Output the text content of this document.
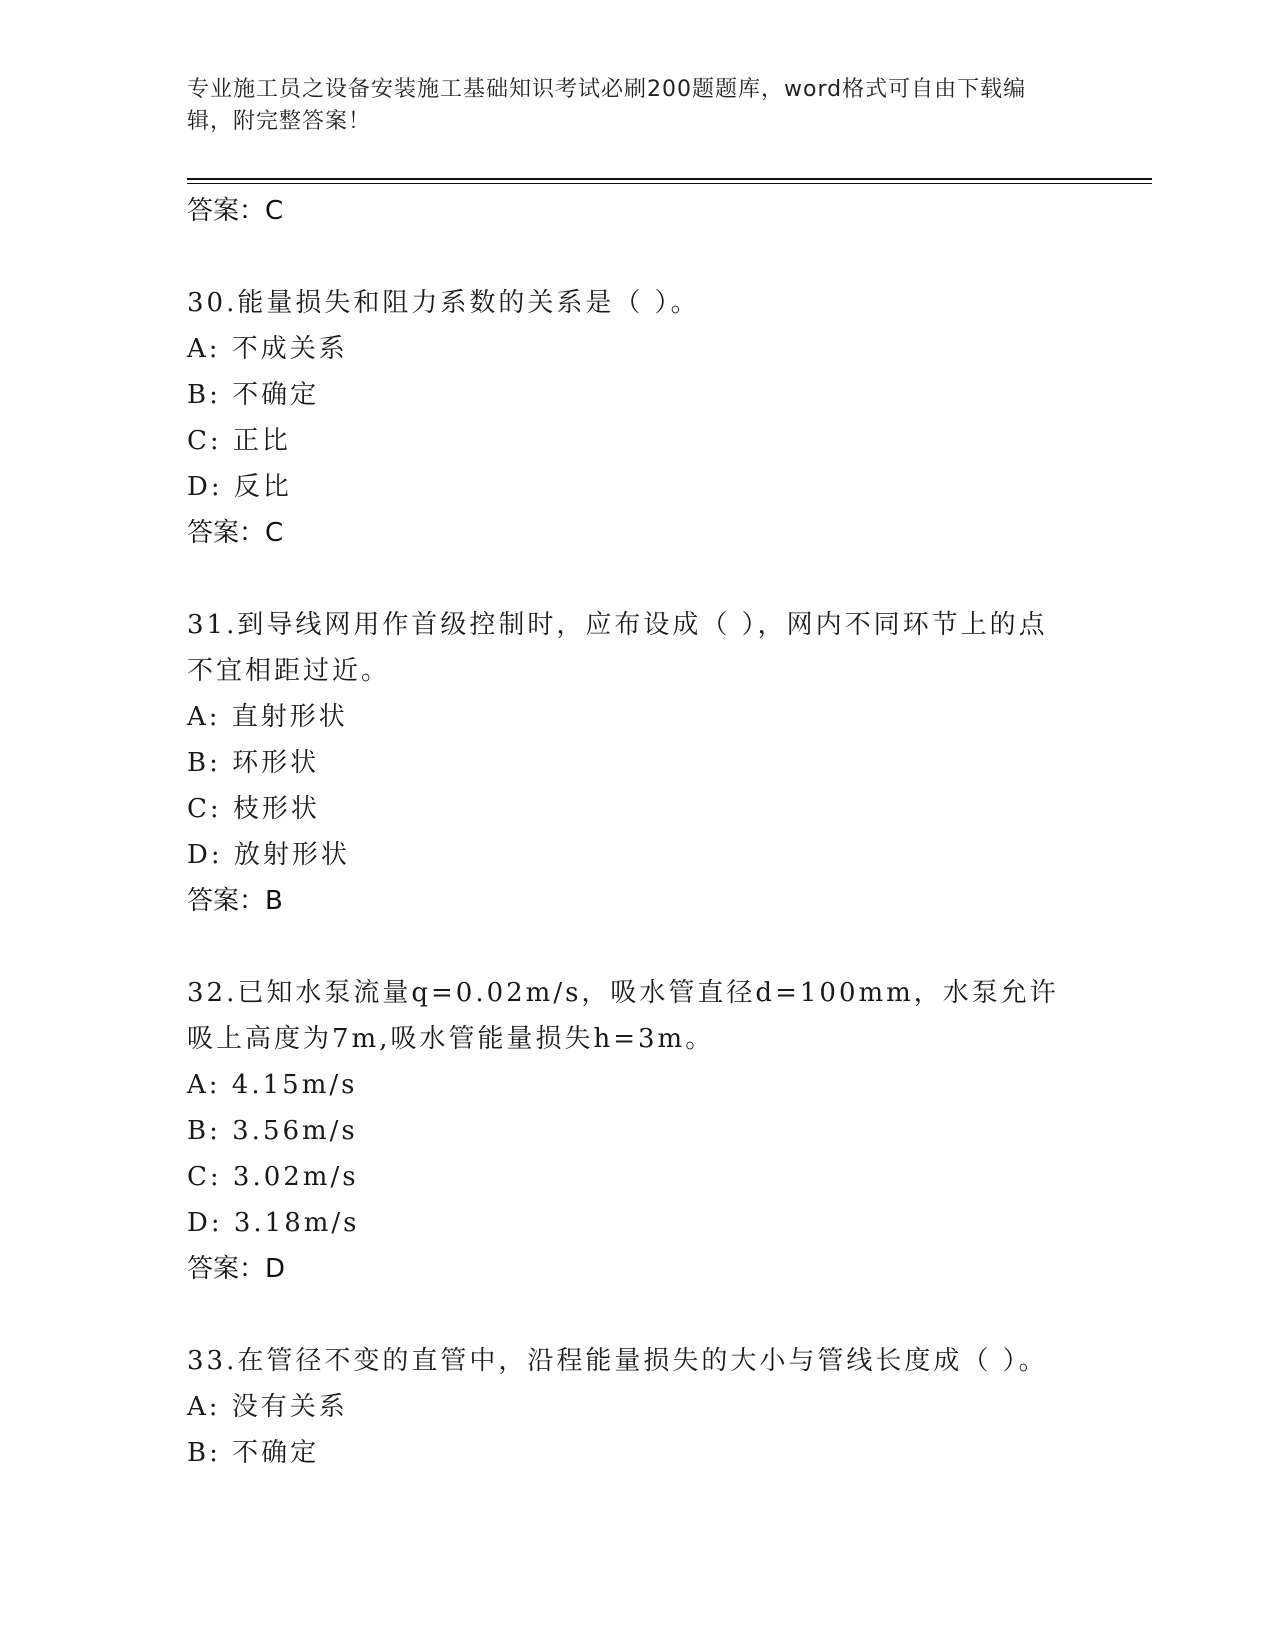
专业施工员之设备安装施工基础知识考试必刷200题题库，word格式可自由下载编辑，附完整答案！
答案：C
30.能量损失和阻力系数的关系是（ ）。
A: 不成关系
B: 不确定
C: 正比
D: 反比
答案：C
31.到导线网用作首级控制时，应布设成（ ），网内不同环节上的点不宜相距过近。
A: 直射形状
B: 环形状
C: 枝形状
D: 放射形状
答案：B
32.已知水泵流量q=0.02m/s，吸水管直径d=100mm，水泵允许吸上高度为7m,吸水管能量损失h=3m。
A: 4.15m/s
B: 3.56m/s
C: 3.02m/s
D: 3.18m/s
答案：D
33.在管径不变的直管中，沿程能量损失的大小与管线长度成（ ）。
A: 没有关系
B: 不确定
